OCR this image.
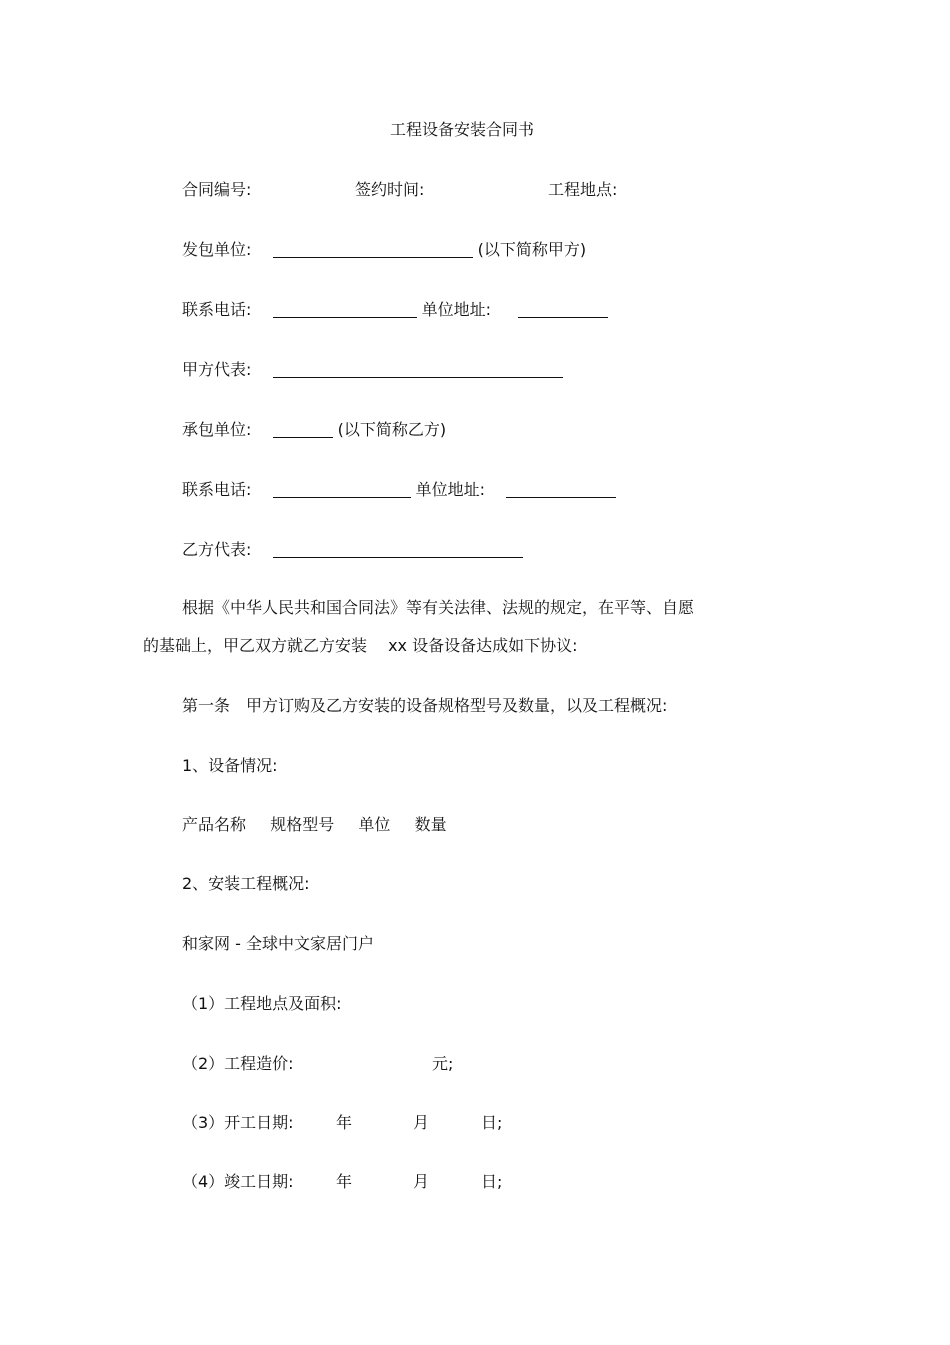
工程设备安装合同书
合同编号:	签约时间:	工程地点:
发包单位:	(以下简称甲方)
联系电话:	单位地址:
甲方代表:
承包单位:	(以下简称乙方)
联系电话:	单位地址:
乙方代表:
根据《中华人民共和国合同法》等有关法律、法规的规定，在平等、自愿
的基础上，甲乙双方就乙方安装　 xx 设备设备达成如下协议:
第一条　甲方订购及乙方安装的设备规格型号及数量，以及工程概况:
1、设备情况:
产品名称 规格型号 单位 数量
2、安装工程概况:
和家网 - 全球中文家居门户
（1）工程地点及面积:
（2）工程造价:	元;
（3）开工日期:	年	月	日;
（4）竣工日期:	年	月	日;
